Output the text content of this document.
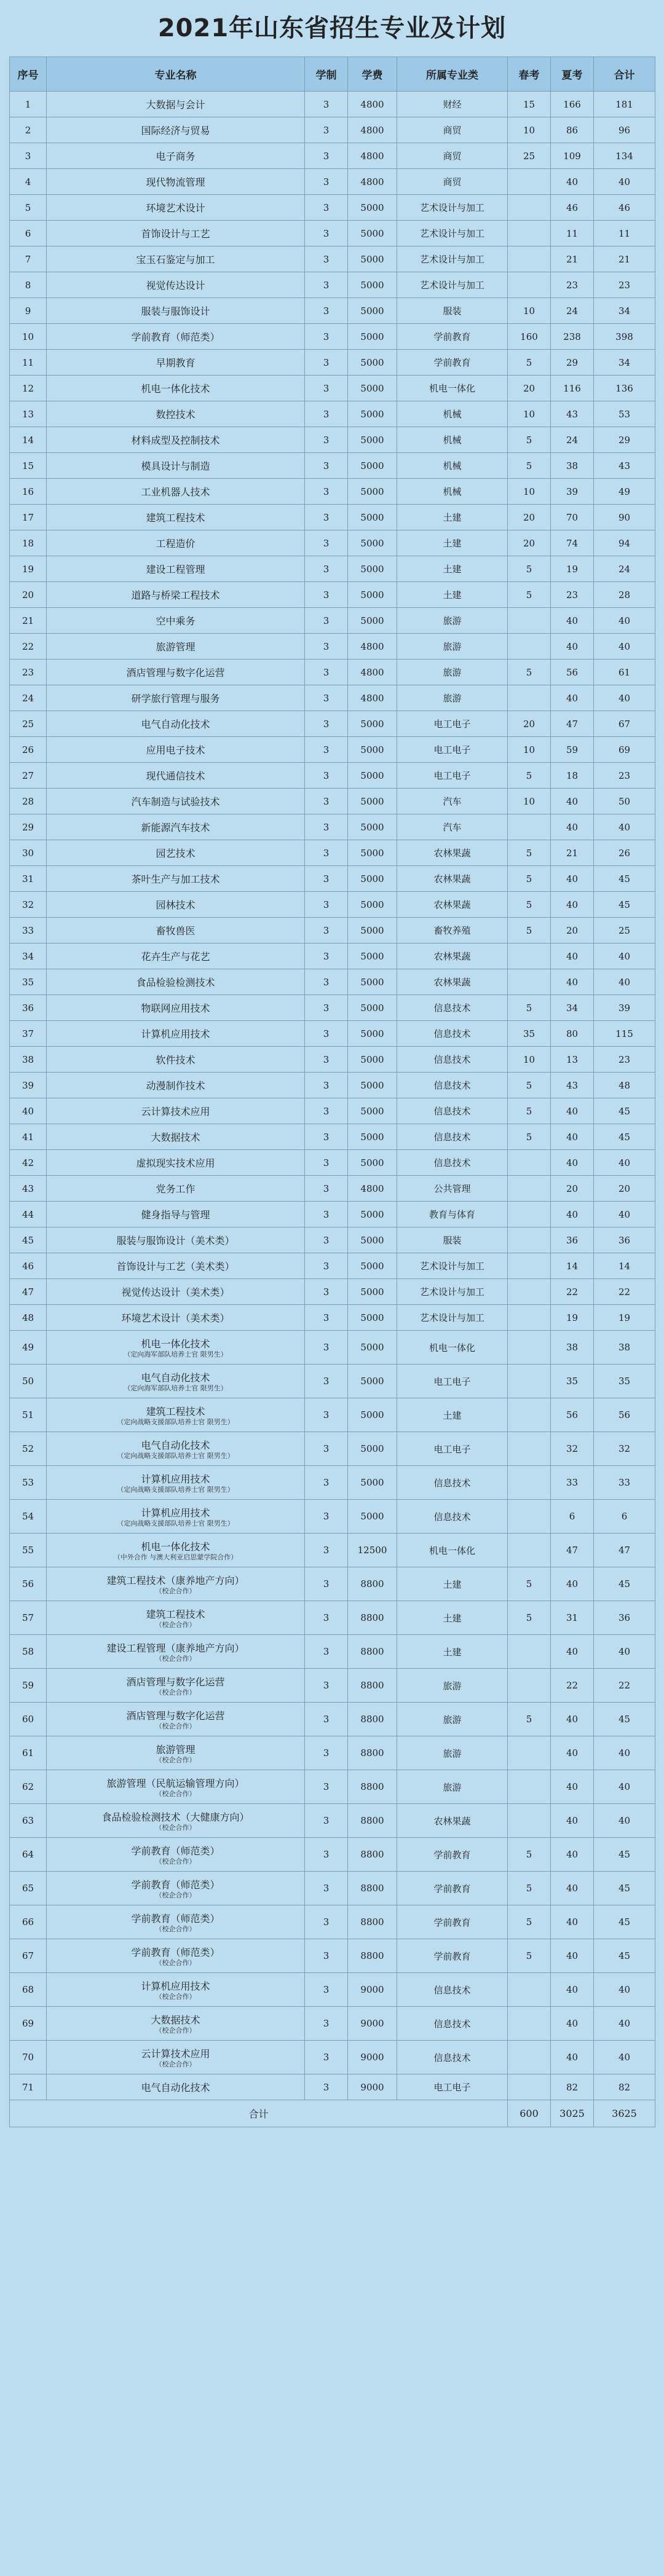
2021年山东省招生专业及计划
序号	专业名称	学制	学费	所属专业类	春考	夏考	合计
1	大数据与会计	3	4800	财经	15	166	181
2	国际经济与贸易	3	4800	商贸	10	86	96
3	电子商务	3	4800	商贸	25	109	134
4	现代物流管理	3	4800	商贸		40	40
5	环境艺术设计	3	5000	艺术设计与加工		46	46
6	首饰设计与工艺	3	5000	艺术设计与加工		11	11
7	宝玉石鉴定与加工	3	5000	艺术设计与加工		21	21
8	视觉传达设计	3	5000	艺术设计与加工		23	23
9	服装与服饰设计	3	5000	服装	10	24	34
10	学前教育（师范类）	3	5000	学前教育	160	238	398
11	早期教育	3	5000	学前教育	5	29	34
12	机电一体化技术	3	5000	机电一体化	20	116	136
13	数控技术	3	5000	机械	10	43	53
14	材料成型及控制技术	3	5000	机械	5	24	29
15	模具设计与制造	3	5000	机械	5	38	43
16	工业机器人技术	3	5000	机械	10	39	49
17	建筑工程技术	3	5000	土建	20	70	90
18	工程造价	3	5000	土建	20	74	94
19	建设工程管理	3	5000	土建	5	19	24
20	道路与桥梁工程技术	3	5000	土建	5	23	28
21	空中乘务	3	5000	旅游		40	40
22	旅游管理	3	4800	旅游		40	40
23	酒店管理与数字化运营	3	4800	旅游	5	56	61
24	研学旅行管理与服务	3	4800	旅游		40	40
25	电气自动化技术	3	5000	电工电子	20	47	67
26	应用电子技术	3	5000	电工电子	10	59	69
27	现代通信技术	3	5000	电工电子	5	18	23
28	汽车制造与试验技术	3	5000	汽车	10	40	50
29	新能源汽车技术	3	5000	汽车		40	40
30	园艺技术	3	5000	农林果蔬	5	21	26
31	茶叶生产与加工技术	3	5000	农林果蔬	5	40	45
32	园林技术	3	5000	农林果蔬	5	40	45
33	畜牧兽医	3	5000	畜牧养殖	5	20	25
34	花卉生产与花艺	3	5000	农林果蔬		40	40
35	食品检验检测技术	3	5000	农林果蔬		40	40
36	物联网应用技术	3	5000	信息技术	5	34	39
37	计算机应用技术	3	5000	信息技术	35	80	115
38	软件技术	3	5000	信息技术	10	13	23
39	动漫制作技术	3	5000	信息技术	5	43	48
40	云计算技术应用	3	5000	信息技术	5	40	45
41	大数据技术	3	5000	信息技术	5	40	45
42	虚拟现实技术应用	3	5000	信息技术		40	40
43	党务工作	3	4800	公共管理		20	20
44	健身指导与管理	3	5000	教育与体育		40	40
45	服装与服饰设计（美术类）	3	5000	服装		36	36
46	首饰设计与工艺（美术类）	3	5000	艺术设计与加工		14	14
47	视觉传达设计（美术类）	3	5000	艺术设计与加工		22	22
48	环境艺术设计（美术类）	3	5000	艺术设计与加工		19	19
49	机电一体化技术
（定向海军部队培养士官 限男生）	3	5000	机电一体化		38	38
50	电气自动化技术
（定向海军部队培养士官 限男生）	3	5000	电工电子		35	35
51	建筑工程技术
（定向战略支援部队培养士官 限男生）	3	5000	土建		56	56
52	电气自动化技术
（定向战略支援部队培养士官 限男生）	3	5000	电工电子		32	32
53	计算机应用技术
（定向战略支援部队培养士官 限男生）	3	5000	信息技术		33	33
54	计算机应用技术
（定向战略支援部队培养士官 限男生）	3	5000	信息技术		6	6
55	机电一体化技术
（中外合作 与澳大利亚启思蒙学院合作）	3	12500	机电一体化		47	47
56	建筑工程技术（康养地产方向）
（校企合作）	3	8800	土建	5	40	45
57	建筑工程技术
（校企合作）	3	8800	土建	5	31	36
58	建设工程管理（康养地产方向）
（校企合作）	3	8800	土建		40	40
59	酒店管理与数字化运营
（校企合作）	3	8800	旅游		22	22
60	酒店管理与数字化运营
（校企合作）	3	8800	旅游	5	40	45
61	旅游管理
（校企合作）	3	8800	旅游		40	40
62	旅游管理（民航运输管理方向）
（校企合作）	3	8800	旅游		40	40
63	食品检验检测技术（大健康方向）
（校企合作）	3	8800	农林果蔬		40	40
64	学前教育（师范类）
（校企合作）	3	8800	学前教育	5	40	45
65	学前教育（师范类）
（校企合作）	3	8800	学前教育	5	40	45
66	学前教育（师范类）
（校企合作）	3	8800	学前教育	5	40	45
67	学前教育（师范类）
（校企合作）	3	8800	学前教育	5	40	45
68	计算机应用技术
（校企合作）	3	9000	信息技术		40	40
69	大数据技术
（校企合作）	3	9000	信息技术		40	40
70	云计算技术应用
（校企合作）	3	9000	信息技术		40	40
71	电气自动化技术	3	9000	电工电子		82	82
合计					600	3025	3625
